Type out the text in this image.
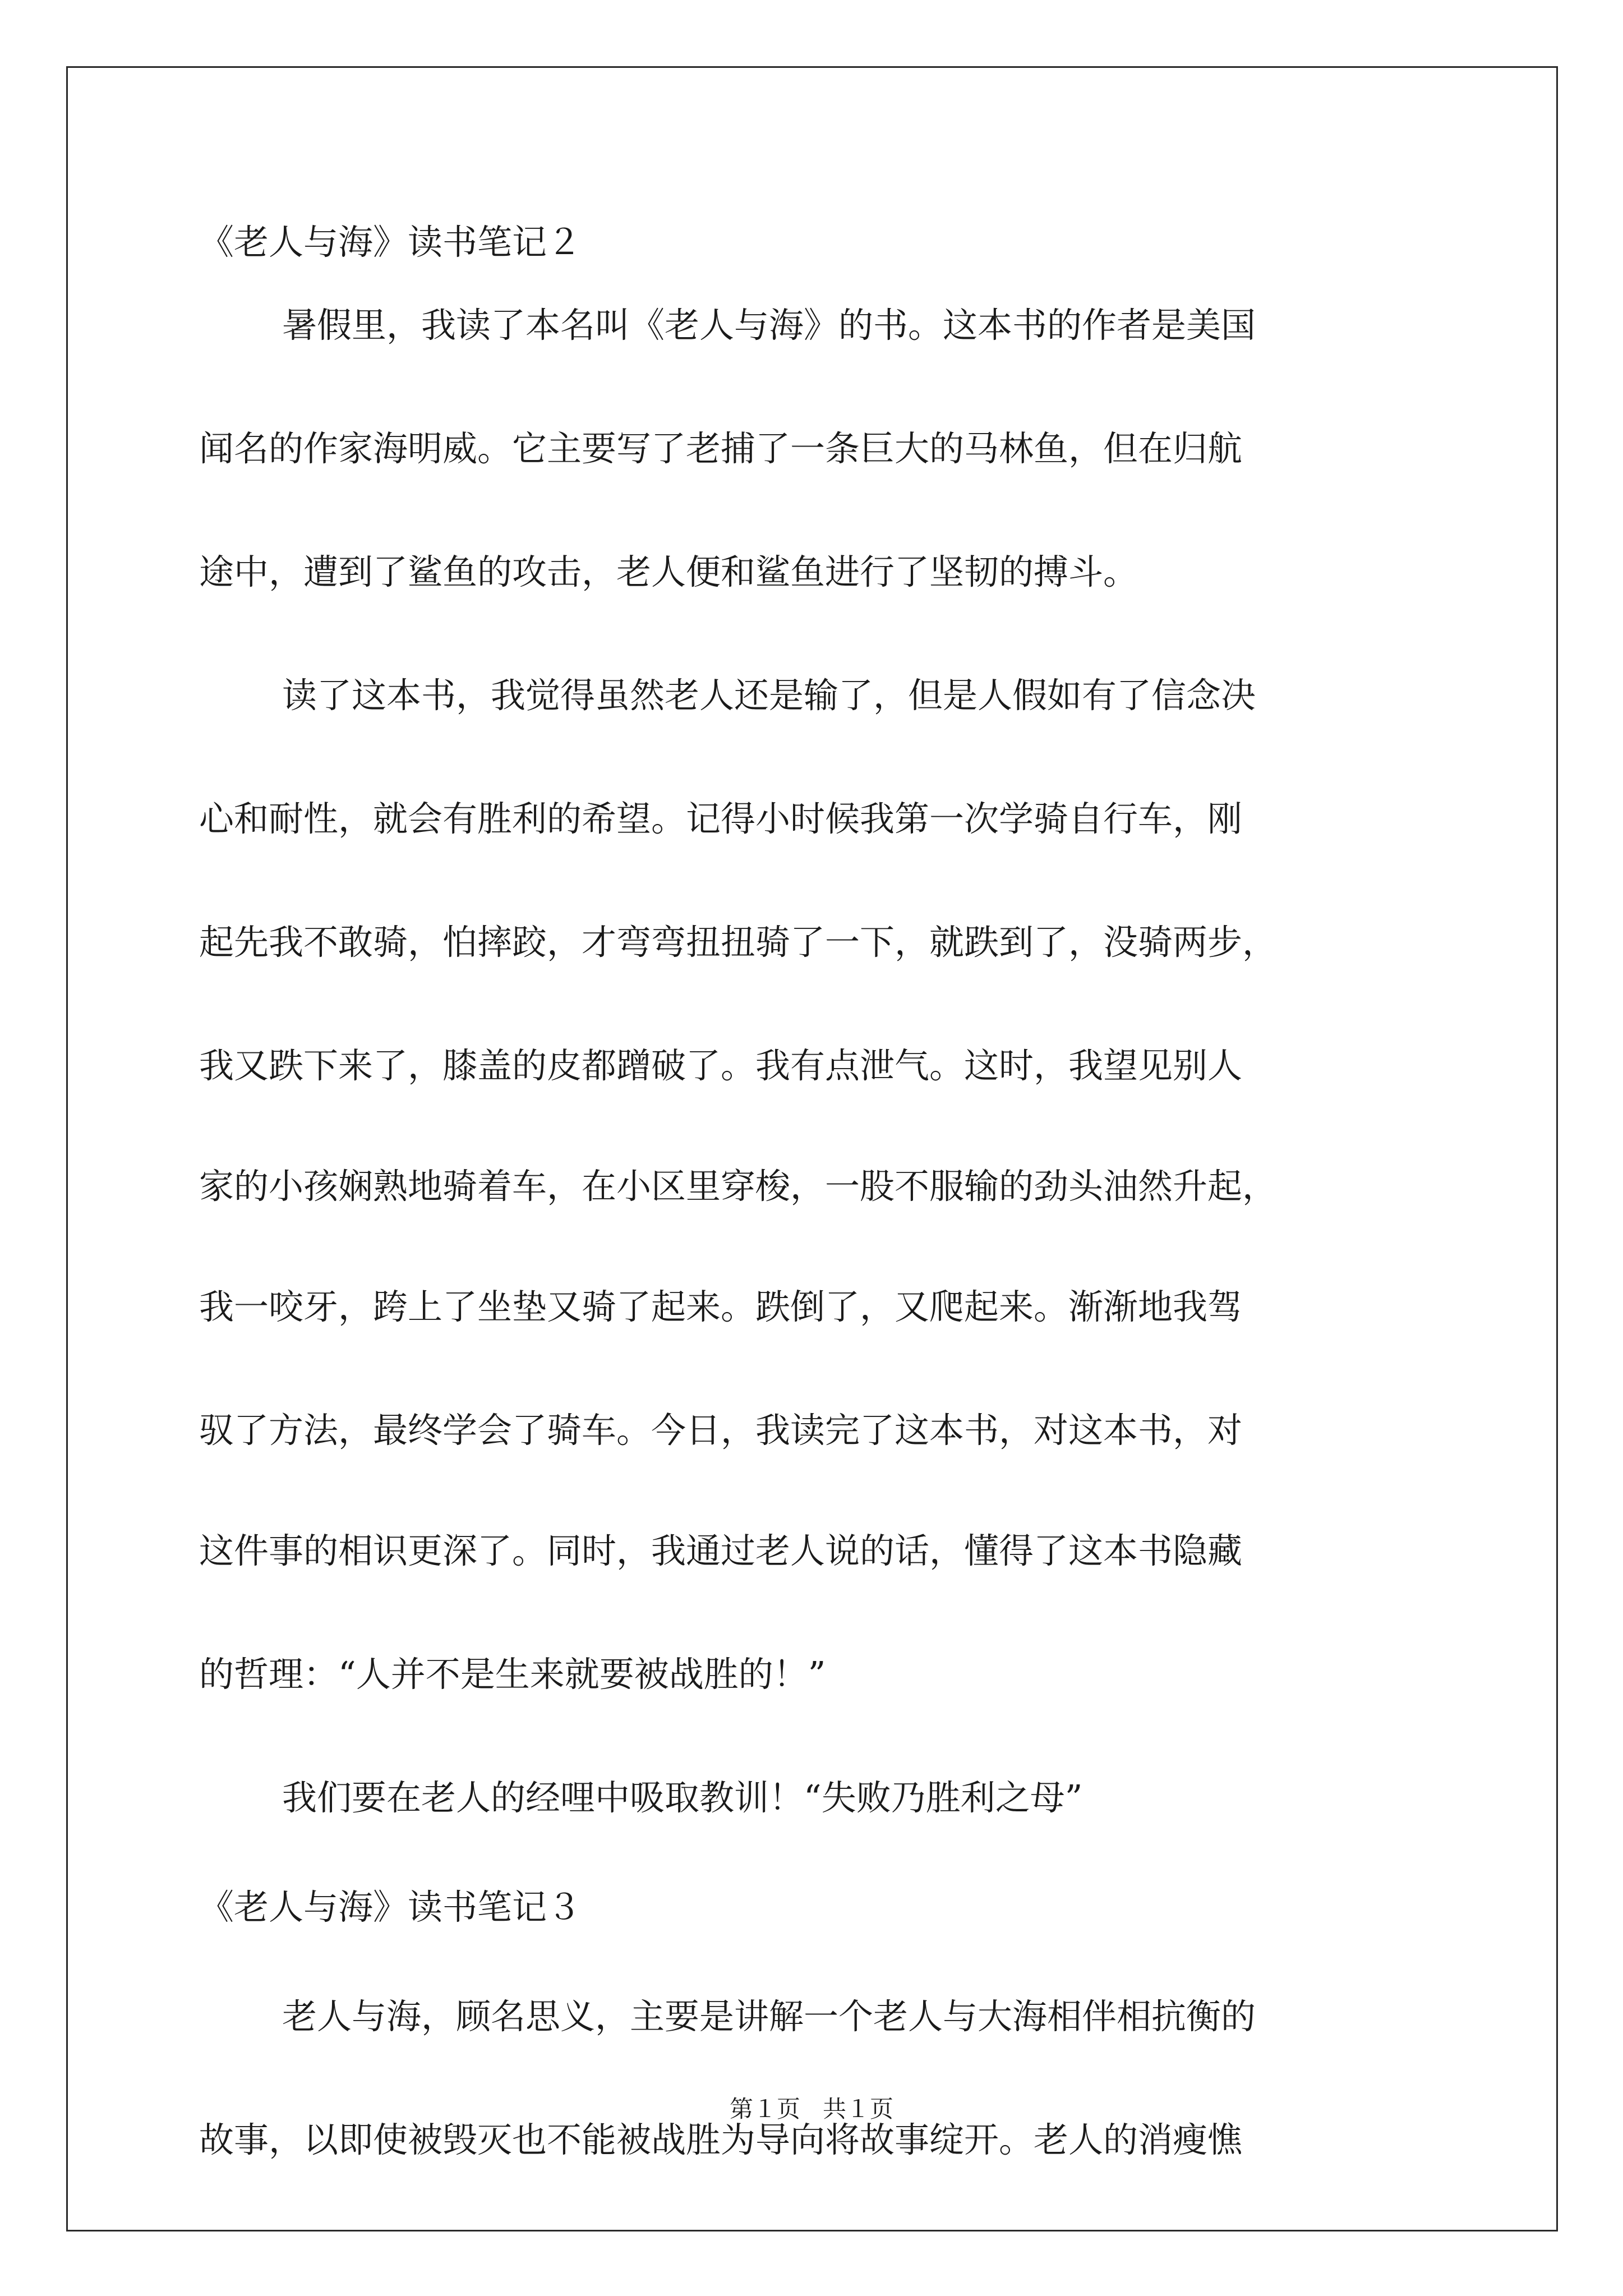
《老人与海》读书笔记２
暑假里，我读了本名叫《老人与海》的书。这本书的作者是美国
闻名的作家海明威。它主要写了老捕了一条巨大的马林鱼，但在归航
途中，遭到了鲨鱼的攻击，老人便和鲨鱼进行了坚韧的搏斗。
读了这本书，我觉得虽然老人还是输了，但是人假如有了信念决
心和耐性，就会有胜利的希望。记得小时候我第一次学骑自行车，刚
起先我不敢骑，怕摔跤，才弯弯扭扭骑了一下，就跌到了，没骑两步，
我又跌下来了，膝盖的皮都蹭破了。我有点泄气。这时，我望见别人
家的小孩娴熟地骑着车，在小区里穿梭，一股不服输的劲头油然升起，
我一咬牙，跨上了坐垫又骑了起来。跌倒了，又爬起来。渐渐地我驾
驭了方法，最终学会了骑车。今日，我读完了这本书，对这本书，对
这件事的相识更深了。同时，我通过老人说的话，懂得了这本书隐藏
的哲理：“人并不是生来就要被战胜的！”
我们要在老人的经哩中吸取教训！“失败乃胜利之母”
《老人与海》读书笔记３
老人与海，顾名思义，主要是讲解一个老人与大海相伴相抗衡的
故事，以即使被毁灭也不能被战胜为导向将故事绽开。老人的消瘦憔
第１页 共１页
